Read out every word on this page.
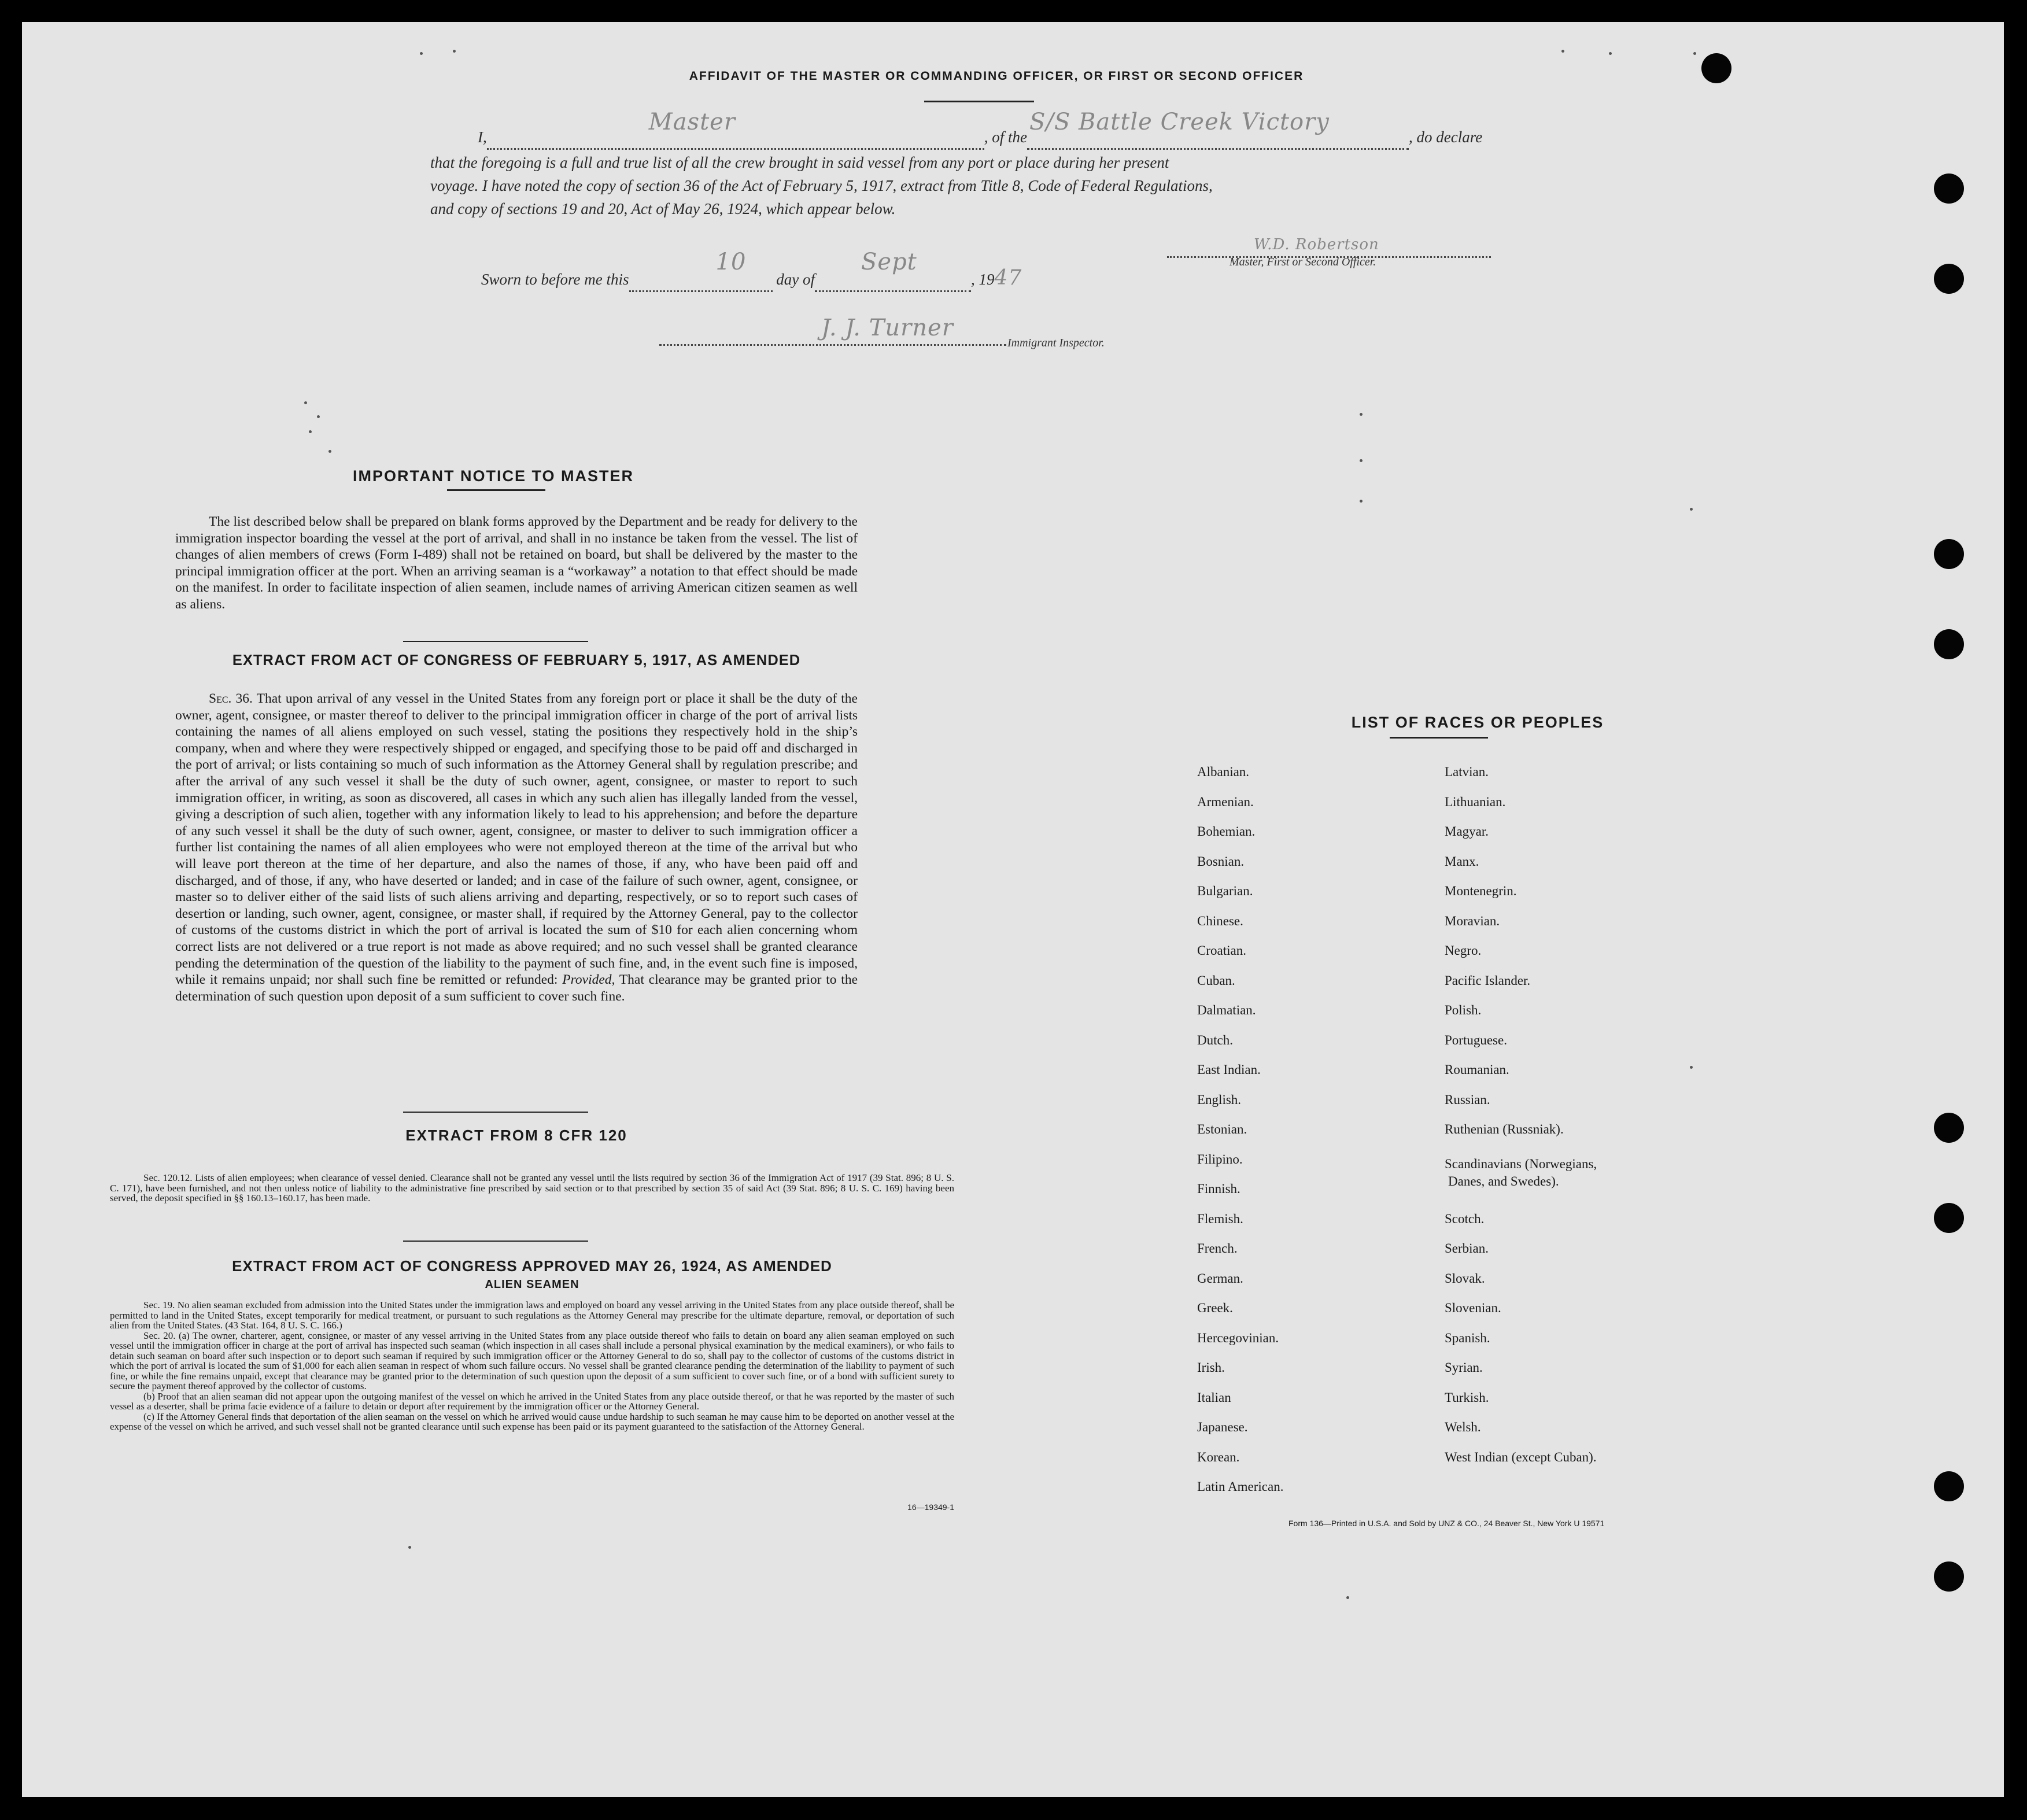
AFFIDAVIT OF THE MASTER OR COMMANDING OFFICER, OR FIRST OR SECOND OFFICER
I,
Master
, of the
S/S Battle Creek Victory
, do declare
that the foregoing is a full and true list of all the crew brought in said vessel from any port or place during her present
voyage. I have noted the copy of section 36 of the Act of February 5, 1917, extract from Title 8, Code of Federal Regulations,
and copy of sections 19 and 20, Act of May 26, 1924, which appear below.
W.D. Robertson
Master, First or Second Officer.
Sworn to before me this
10
day of
Sept
, 1947
J. J. Turner
Immigrant Inspector.
IMPORTANT NOTICE TO MASTER
The list described below shall be prepared on blank forms approved by the Department and be ready for delivery to the immigration inspector boarding the vessel at the port of arrival, and shall in no instance be taken from the vessel. The list of changes of alien members of crews (Form I-489) shall not be retained on board, but shall be delivered by the master to the principal immigration officer at the port. When an arriving seaman is a “workaway” a notation to that effect should be made on the manifest. In order to facilitate inspection of alien seamen, include names of arriving American citizen seamen as well as aliens.
EXTRACT FROM ACT OF CONGRESS OF FEBRUARY 5, 1917, AS AMENDED
Sec. 36. That upon arrival of any vessel in the United States from any foreign port or place it shall be the duty of the owner, agent, consignee, or master thereof to deliver to the principal immigration officer in charge of the port of arrival lists containing the names of all aliens employed on such vessel, stating the positions they respectively hold in the ship’s company, when and where they were respectively shipped or engaged, and specifying those to be paid off and discharged in the port of arrival; or lists containing so much of such information as the Attorney General shall by regulation prescribe; and after the arrival of any such vessel it shall be the duty of such owner, agent, consignee, or master to report to such immigration officer, in writing, as soon as discovered, all cases in which any such alien has illegally landed from the vessel, giving a description of such alien, together with any information likely to lead to his apprehension; and before the departure of any such vessel it shall be the duty of such owner, agent, consignee, or master to deliver to such immigration officer a further list containing the names of all alien employees who were not employed thereon at the time of the arrival but who will leave port thereon at the time of her departure, and also the names of those, if any, who have been paid off and discharged, and of those, if any, who have deserted or landed; and in case of the failure of such owner, agent, consignee, or master so to deliver either of the said lists of such aliens arriving and departing, respectively, or so to report such cases of desertion or landing, such owner, agent, consignee, or master shall, if required by the Attorney General, pay to the collector of customs of the customs district in which the port of arrival is located the sum of $10 for each alien concerning whom correct lists are not delivered or a true report is not made as above required; and no such vessel shall be granted clearance pending the determination of the question of the liability to the payment of such fine, and, in the event such fine is imposed, while it remains unpaid; nor shall such fine be remitted or refunded: Provided, That clearance may be granted prior to the determination of such question upon deposit of a sum sufficient to cover such fine.
EXTRACT FROM 8 CFR 120
Sec. 120.12. Lists of alien employees; when clearance of vessel denied. Clearance shall not be granted any vessel until the lists required by section 36 of the Immigration Act of 1917 (39 Stat. 896; 8 U. S. C. 171), have been furnished, and not then unless notice of liability to the administrative fine prescribed by said section or to that prescribed by section 35 of said Act (39 Stat. 896; 8 U. S. C. 169) having been served, the deposit specified in §§ 160.13–160.17, has been made.
EXTRACT FROM ACT OF CONGRESS APPROVED MAY 26, 1924, AS AMENDED
ALIEN SEAMEN

Sec. 19. No alien seaman excluded from admission into the United States under the immigration laws and employed on board any vessel arriving in the United States from any place outside thereof, shall be permitted to land in the United States, except temporarily for medical treatment, or pursuant to such regulations as the Attorney General may prescribe for the ultimate departure, removal, or deportation of such alien from the United States. (43 Stat. 164, 8 U. S. C. 166.)

Sec. 20. (a) The owner, charterer, agent, consignee, or master of any vessel arriving in the United States from any place outside thereof who fails to detain on board any alien seaman employed on such vessel until the immigration officer in charge at the port of arrival has inspected such seaman (which inspection in all cases shall include a personal physical examination by the medical examiners), or who fails to detain such seaman on board after such inspection or to deport such seaman if required by such immigration officer or the Attorney General to do so, shall pay to the collector of customs of the customs district in which the port of arrival is located the sum of $1,000 for each alien seaman in respect of whom such failure occurs. No vessel shall be granted clearance pending the determination of the liability to payment of such fine, or while the fine remains unpaid, except that clearance may be granted prior to the determination of such question upon the deposit of a sum sufficient to cover such fine, or of a bond with sufficient surety to secure the payment thereof approved by the collector of customs.

(b) Proof that an alien seaman did not appear upon the outgoing manifest of the vessel on which he arrived in the United States from any place outside thereof, or that he was reported by the master of such vessel as a deserter, shall be prima facie evidence of a failure to detain or deport after requirement by the immigration officer or the Attorney General.

(c) If the Attorney General finds that deportation of the alien seaman on the vessel on which he arrived would cause undue hardship to such seaman he may cause him to be deported on another vessel at the expense of the vessel on which he arrived, and such vessel shall not be granted clearance until such expense has been paid or its payment guaranteed to the satisfaction of the Attorney General.

16—19349-1
LIST OF RACES OR PEOPLES
Form 136—Printed in U.S.A. and Sold by UNZ & CO., 24 Beaver St., New York U 19571
Albanian.
Armenian.
Bohemian.
Bosnian.
Bulgarian.
Chinese.
Croatian.
Cuban.
Dalmatian.
Dutch.
East Indian.
English.
Estonian.
Filipino.
Finnish.
Flemish.
French.
German.
Greek.
Hercegovinian.
Irish.
Italian
Japanese.
Korean.
Latin American.
Latvian.
Lithuanian.
Magyar.
Manx.
Montenegrin.
Moravian.
Negro.
Pacific Islander.
Polish.
Portuguese.
Roumanian.
Russian.
Ruthenian (Russniak).
Scandinavians (Norwegians,
Danes, and Swedes).
Scotch.
Serbian.
Slovak.
Slovenian.
Spanish.
Syrian.
Turkish.
Welsh.
West Indian (except Cuban).
